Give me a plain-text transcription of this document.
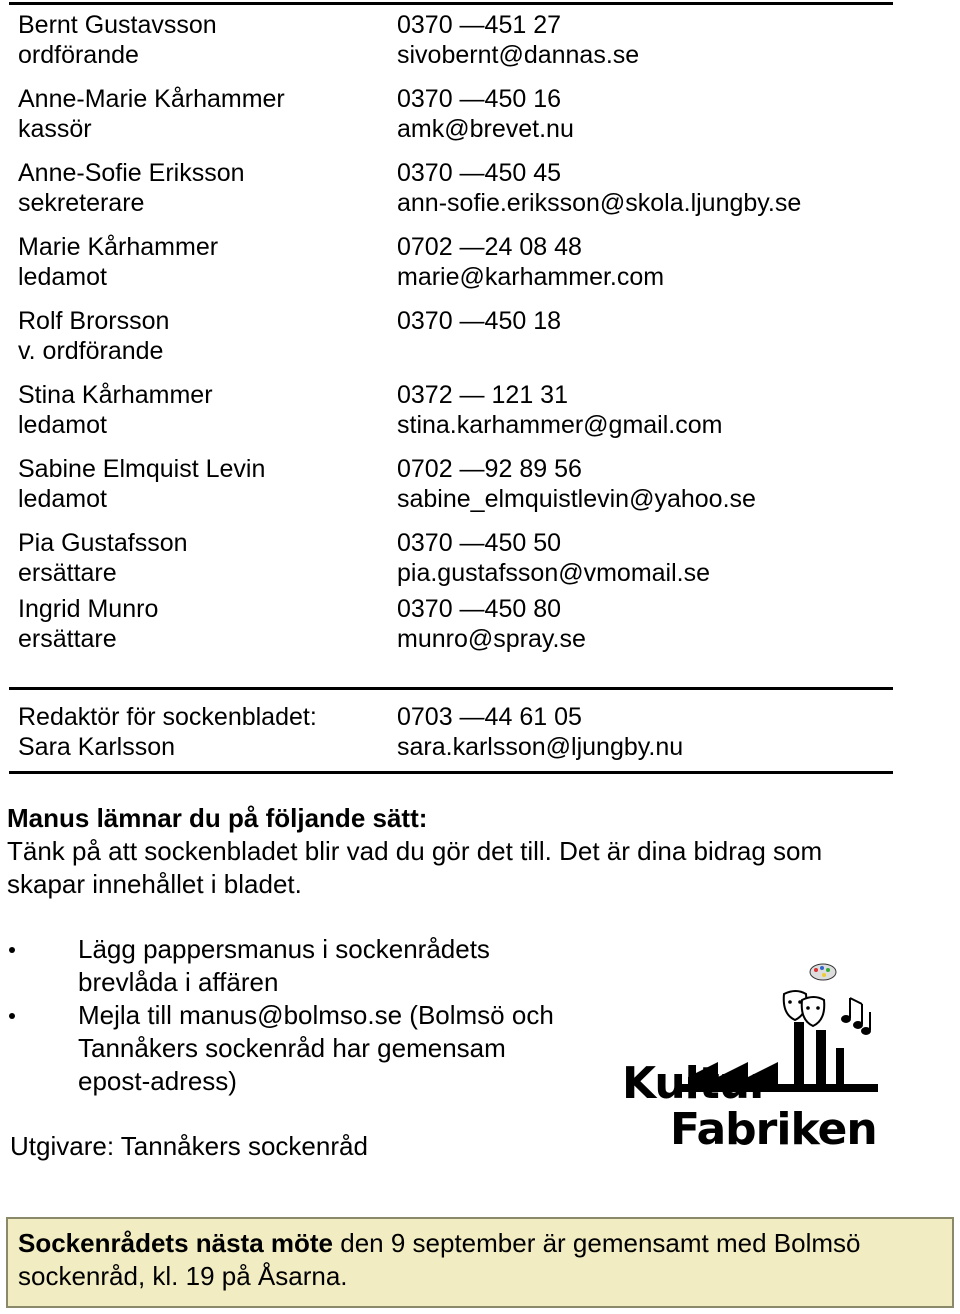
Bernt Gustavsson
ordförande
0370 —451 27
sivobernt@dannas.se
Anne-Marie Kårhammer
kassör
0370 —450 16
amk@brevet.nu
Anne-Sofie Eriksson
sekreterare
0370 —450 45
ann-sofie.eriksson@skola.ljungby.se
Marie Kårhammer
ledamot
0702 —24 08 48
marie@karhammer.com
Rolf Brorsson
v. ordförande
0370 —450 18
Stina Kårhammer
ledamot
0372 — 121 31
stina.karhammer@gmail.com
Sabine Elmquist Levin
ledamot
0702 —92 89 56
sabine_elmquistlevin@yahoo.se
Pia Gustafsson
ersättare
0370 —450 50
pia.gustafsson@vmomail.se
Ingrid Munro
ersättare
0370 —450 80
munro@spray.se
Redaktör för sockenbladet:
Sara Karlsson
0703 —44 61 05
sara.karlsson@ljungby.nu
Manus lämnar du på följande sätt:
Tänk på att sockenbladet blir vad du gör det till. Det är dina bidrag som skapar innehållet i bladet.
Lägg pappersmanus i sockenrådets brevlåda i affären
Mejla till manus@bolmso.se (Bolmsö och Tannåkers sockenråd har gemensam epost-adress)
Utgivare: Tannåkers sockenråd
Kultur
Fabriken
Sockenrådets nästa möte den 9 september är gemensamt med Bolmsö sockenråd, kl. 19 på Åsarna.
